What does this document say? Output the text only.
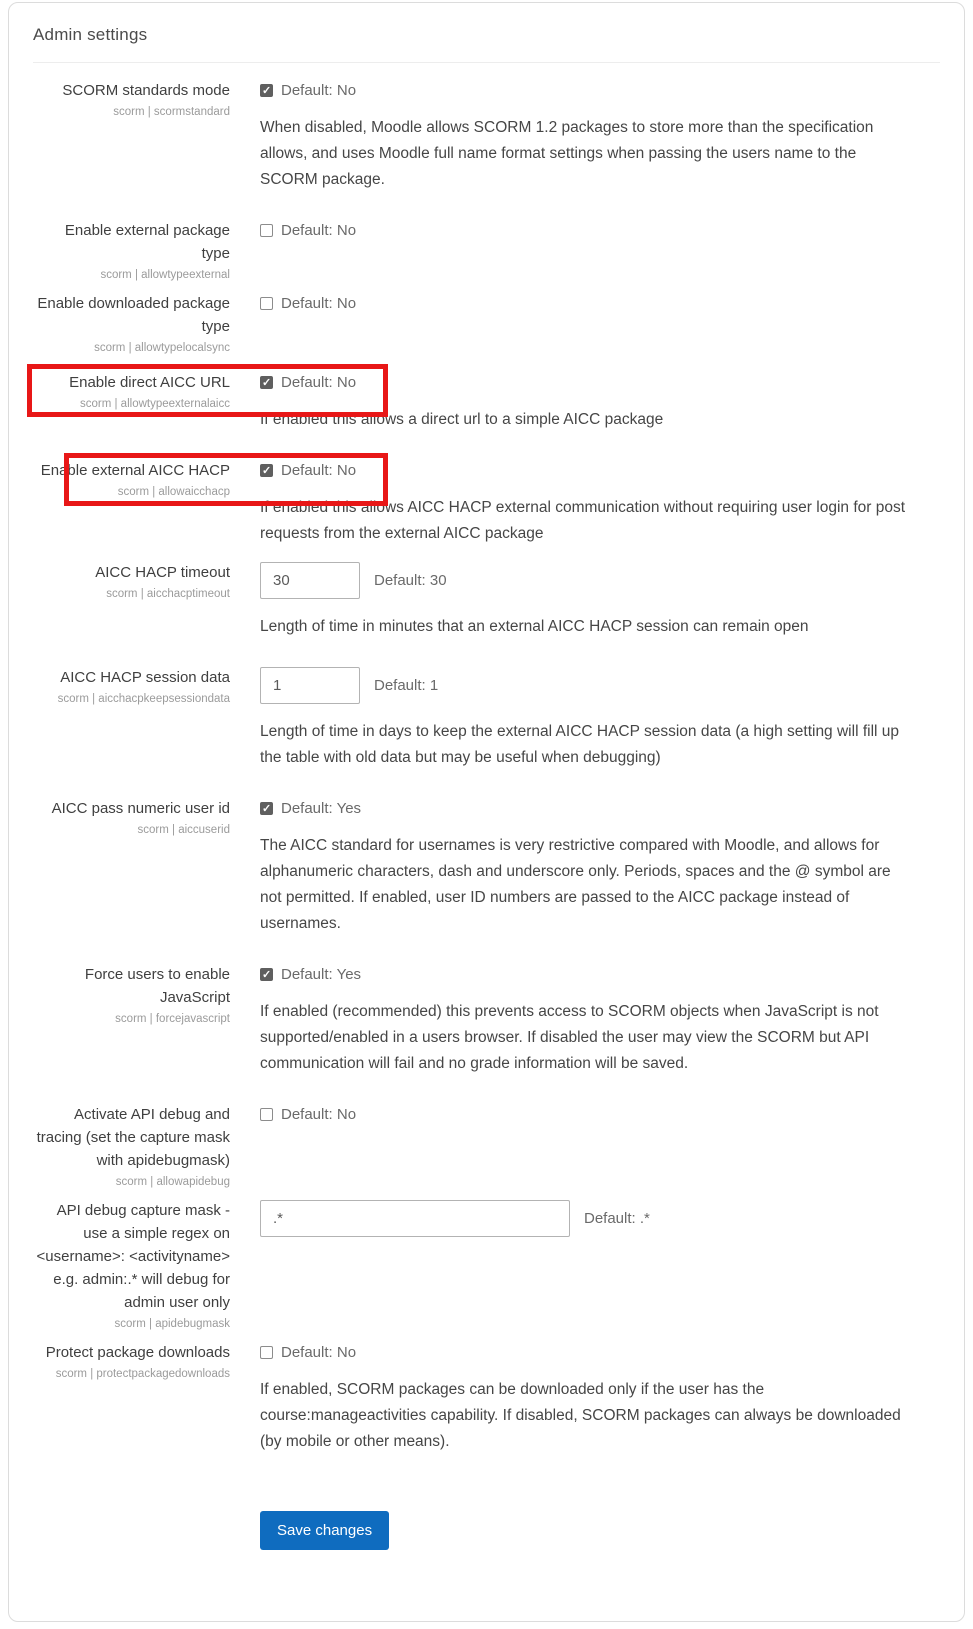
Admin settings
SCORM standards mode
scorm | scormstandard
✓
Default: No

When disabled, Moodle allows SCORM 1.2 packages to store more than the specification allows, and uses Moodle full name format settings when passing the users name to the SCORM package.

Enable external package type
scorm | allowtypeexternal
Default: No
Enable downloaded package type
scorm | allowtypelocalsync
Default: No
Enable direct AICC URL
scorm | allowtypeexternalaicc
✓
Default: No

If enabled this allows a direct url to a simple AICC package

Enable external AICC HACP
scorm | allowaicchacp
✓
Default: No

If enabled this allows AICC HACP external communication without requiring user login for post requests from the external AICC package

AICC HACP timeout
scorm | aicchacptimeout
30
Default: 30

Length of time in minutes that an external AICC HACP session can remain open

AICC HACP session data
scorm | aicchacpkeepsessiondata
1
Default: 1

Length of time in days to keep the external AICC HACP session data (a high setting will fill up the table with old data but may be useful when debugging)

AICC pass numeric user id
scorm | aiccuserid
✓
Default: Yes

The AICC standard for usernames is very restrictive compared with Moodle, and allows for alphanumeric characters, dash and underscore only. Periods, spaces and the @ symbol are not permitted. If enabled, user ID numbers are passed to the AICC package instead of usernames.

Force users to enable JavaScript
scorm | forcejavascript
✓
Default: Yes

If enabled (recommended) this prevents access to SCORM objects when JavaScript is not supported/enabled in a users browser. If disabled the user may view the SCORM but API communication will fail and no grade information will be saved.

Activate API debug and tracing (set the capture mask with apidebugmask)
scorm | allowapidebug
Default: No
API debug capture mask - use a simple regex on <username>: <activityname> e.g. admin:.* will debug for admin user only
scorm | apidebugmask
.*
Default: .*
Protect package downloads
scorm | protectpackagedownloads
Default: No

If enabled, SCORM packages can be downloaded only if the user has the course:manageactivities capability. If disabled, SCORM packages can always be downloaded (by mobile or other means).

Save changes
